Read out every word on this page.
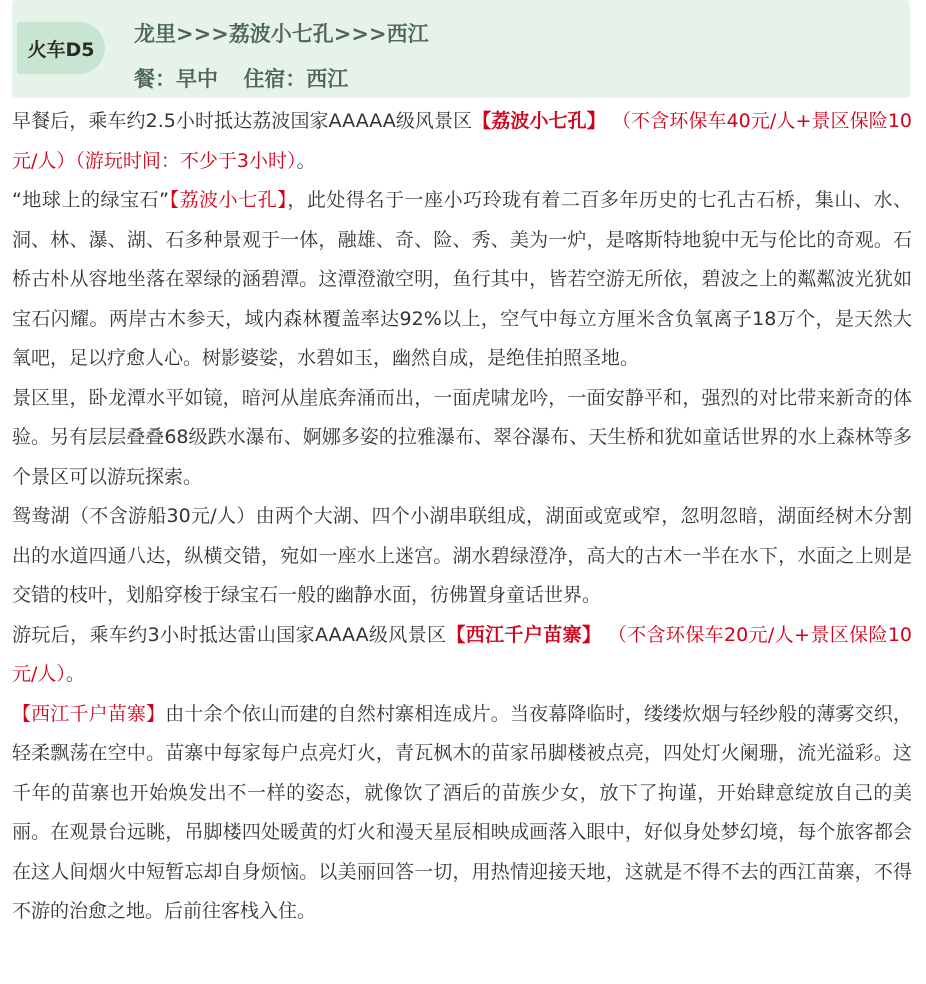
火车D5
龙里>>>荔波小七孔>>>西江
餐：早中 住宿：西江

早餐后，乘车约2.5小时抵达荔波国家AAAAA级风景区【荔波小七孔】 （不含环保车40元/人+景区保险10元/人）（游玩时间：不少于3小时）。

“地球上的绿宝石”【荔波小七孔】，此处得名于一座小巧玲珑有着二百多年历史的七孔古石桥，集山、水、洞、林、瀑、湖、石多种景观于一体，融雄、奇、险、秀、美为一炉，是喀斯特地貌中无与伦比的奇观。石桥古朴从容地坐落在翠绿的涵碧潭。这潭澄澈空明，鱼行其中，皆若空游无所依，碧波之上的粼粼波光犹如宝石闪耀。两岸古木参天，域内森林覆盖率达92%以上，空气中每立方厘米含负氧离子18万个，是天然大氧吧，足以疗愈人心。树影婆娑，水碧如玉，幽然自成，是绝佳拍照圣地。

景区里，卧龙潭水平如镜，暗河从崖底奔涌而出，一面虎啸龙吟，一面安静平和，强烈的对比带来新奇的体验。另有层层叠叠68级跌水瀑布、婀娜多姿的拉雅瀑布、翠谷瀑布、天生桥和犹如童话世界的水上森林等多个景区可以游玩探索。

鸳鸯湖（不含游船30元/人）由两个大湖、四个小湖串联组成，湖面或宽或窄，忽明忽暗，湖面经树木分割出的水道四通八达，纵横交错，宛如一座水上迷宫。湖水碧绿澄净，高大的古木一半在水下，水面之上则是交错的枝叶，划船穿梭于绿宝石一般的幽静水面，彷佛置身童话世界。

游玩后，乘车约3小时抵达雷山国家AAAA级风景区【西江千户苗寨】 （不含环保车20元/人+景区保险10元/人）。

【西江千户苗寨】由十余个依山而建的自然村寨相连成片。当夜幕降临时，缕缕炊烟与轻纱般的薄雾交织，轻柔飘荡在空中。苗寨中每家每户点亮灯火，青瓦枫木的苗家吊脚楼被点亮，四处灯火阑珊，流光溢彩。这千年的苗寨也开始焕发出不一样的姿态，就像饮了酒后的苗族少女，放下了拘谨，开始肆意绽放自己的美丽。在观景台远眺，吊脚楼四处暖黄的灯火和漫天星辰相映成画落入眼中，好似身处梦幻境，每个旅客都会在这人间烟火中短暂忘却自身烦恼。以美丽回答一切，用热情迎接天地，这就是不得不去的西江苗寨，不得不游的治愈之地。后前往客栈入住。
